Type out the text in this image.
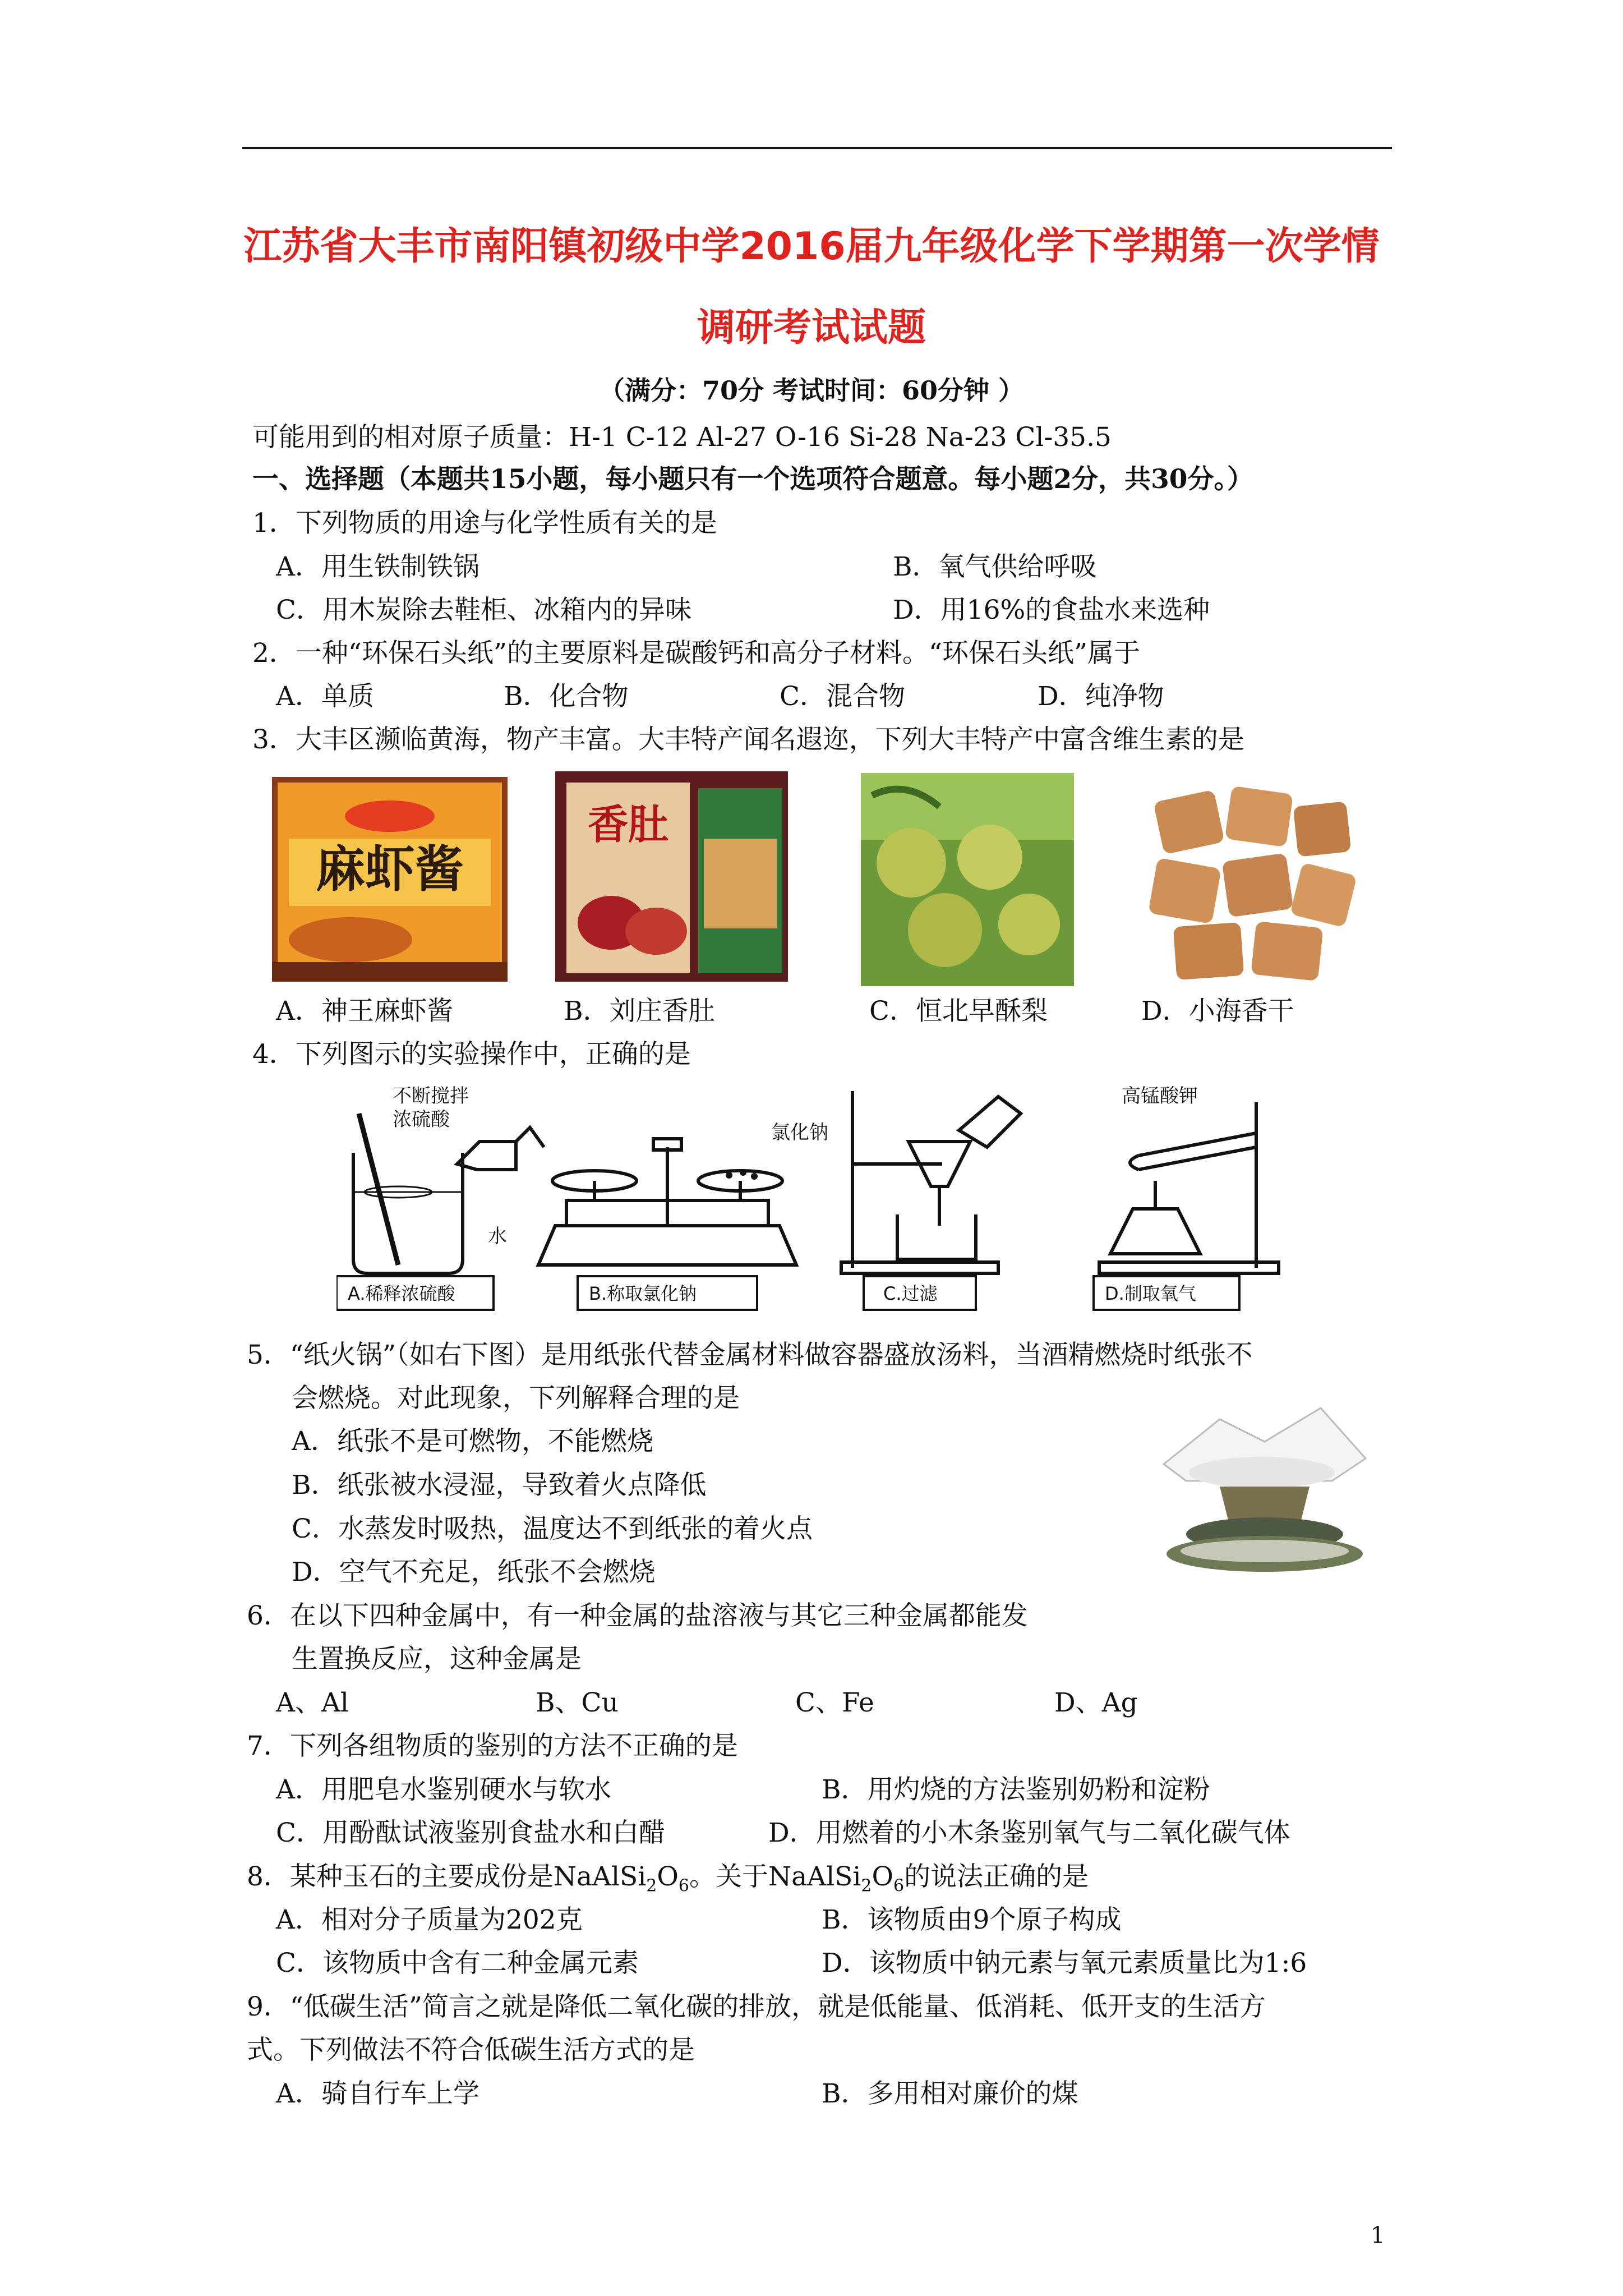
江苏省大丰市南阳镇初级中学2016届九年级化学下学期第一次学情
调研考试试题
（满分：70分 考试时间：60分钟 ）
可能用到的相对原子质量：H-1 C-12 Al-27 O-16 Si-28 Na-23 Cl-35.5
一、选择题（本题共15小题，每小题只有一个选项符合题意。每小题2分，共30分。）
1．下列物质的用途与化学性质有关的是
A．用生铁制铁锅	B．氧气供给呼吸
C．用木炭除去鞋柜、冰箱内的异味	D．用16%的食盐水来选种
2．一种“环保石头纸”的主要原料是碳酸钙和高分子材料。“环保石头纸”属于
A．单质	B．化合物	C．混合物	D．纯净物
3．大丰区濒临黄海，物产丰富。大丰特产闻名遐迩，下列大丰特产中富含维生素的是
麻虾酱
香肚
A．神王麻虾酱	B．刘庄香肚	C．恒北早酥梨	D．小海香干
4．下列图示的实验操作中，正确的是
不断搅拌
浓硫酸
水
A.稀释浓硫酸
氯化钠
B.称取氯化钠	C.过滤
高锰酸钾
D.制取氧气
5．“纸火锅”（如右下图）是用纸张代替金属材料做容器盛放汤料，当酒精燃烧时纸张不
会燃烧。对此现象，下列解释合理的是
A．纸张不是可燃物，不能燃烧
B．纸张被水浸湿，导致着火点降低
C．水蒸发时吸热，温度达不到纸张的着火点
D．空气不充足，纸张不会燃烧
6．在以下四种金属中，有一种金属的盐溶液与其它三种金属都能发
生置换反应，这种金属是
A、Al	B、Cu	C、Fe	D、Ag
7．下列各组物质的鉴别的方法不正确的是
A．用肥皂水鉴别硬水与软水	B．用灼烧的方法鉴别奶粉和淀粉
C．用酚酞试液鉴别食盐水和白醋	D．用燃着的小木条鉴别氧气与二氧化碳气体
8．某种玉石的主要成份是$NaAlSi_2O_6$。关于$NaAlSi_2O_6$的说法正确的是
A．相对分子质量为202克	B．该物质由9个原子构成
C．该物质中含有二种金属元素	D．该物质中钠元素与氧元素质量比为1:6
9．“低碳生活”简言之就是降低二氧化碳的排放，就是低能量、低消耗、低开支的生活方
式。下列做法不符合低碳生活方式的是
A．骑自行车上学	B．多用相对廉价的煤
1
